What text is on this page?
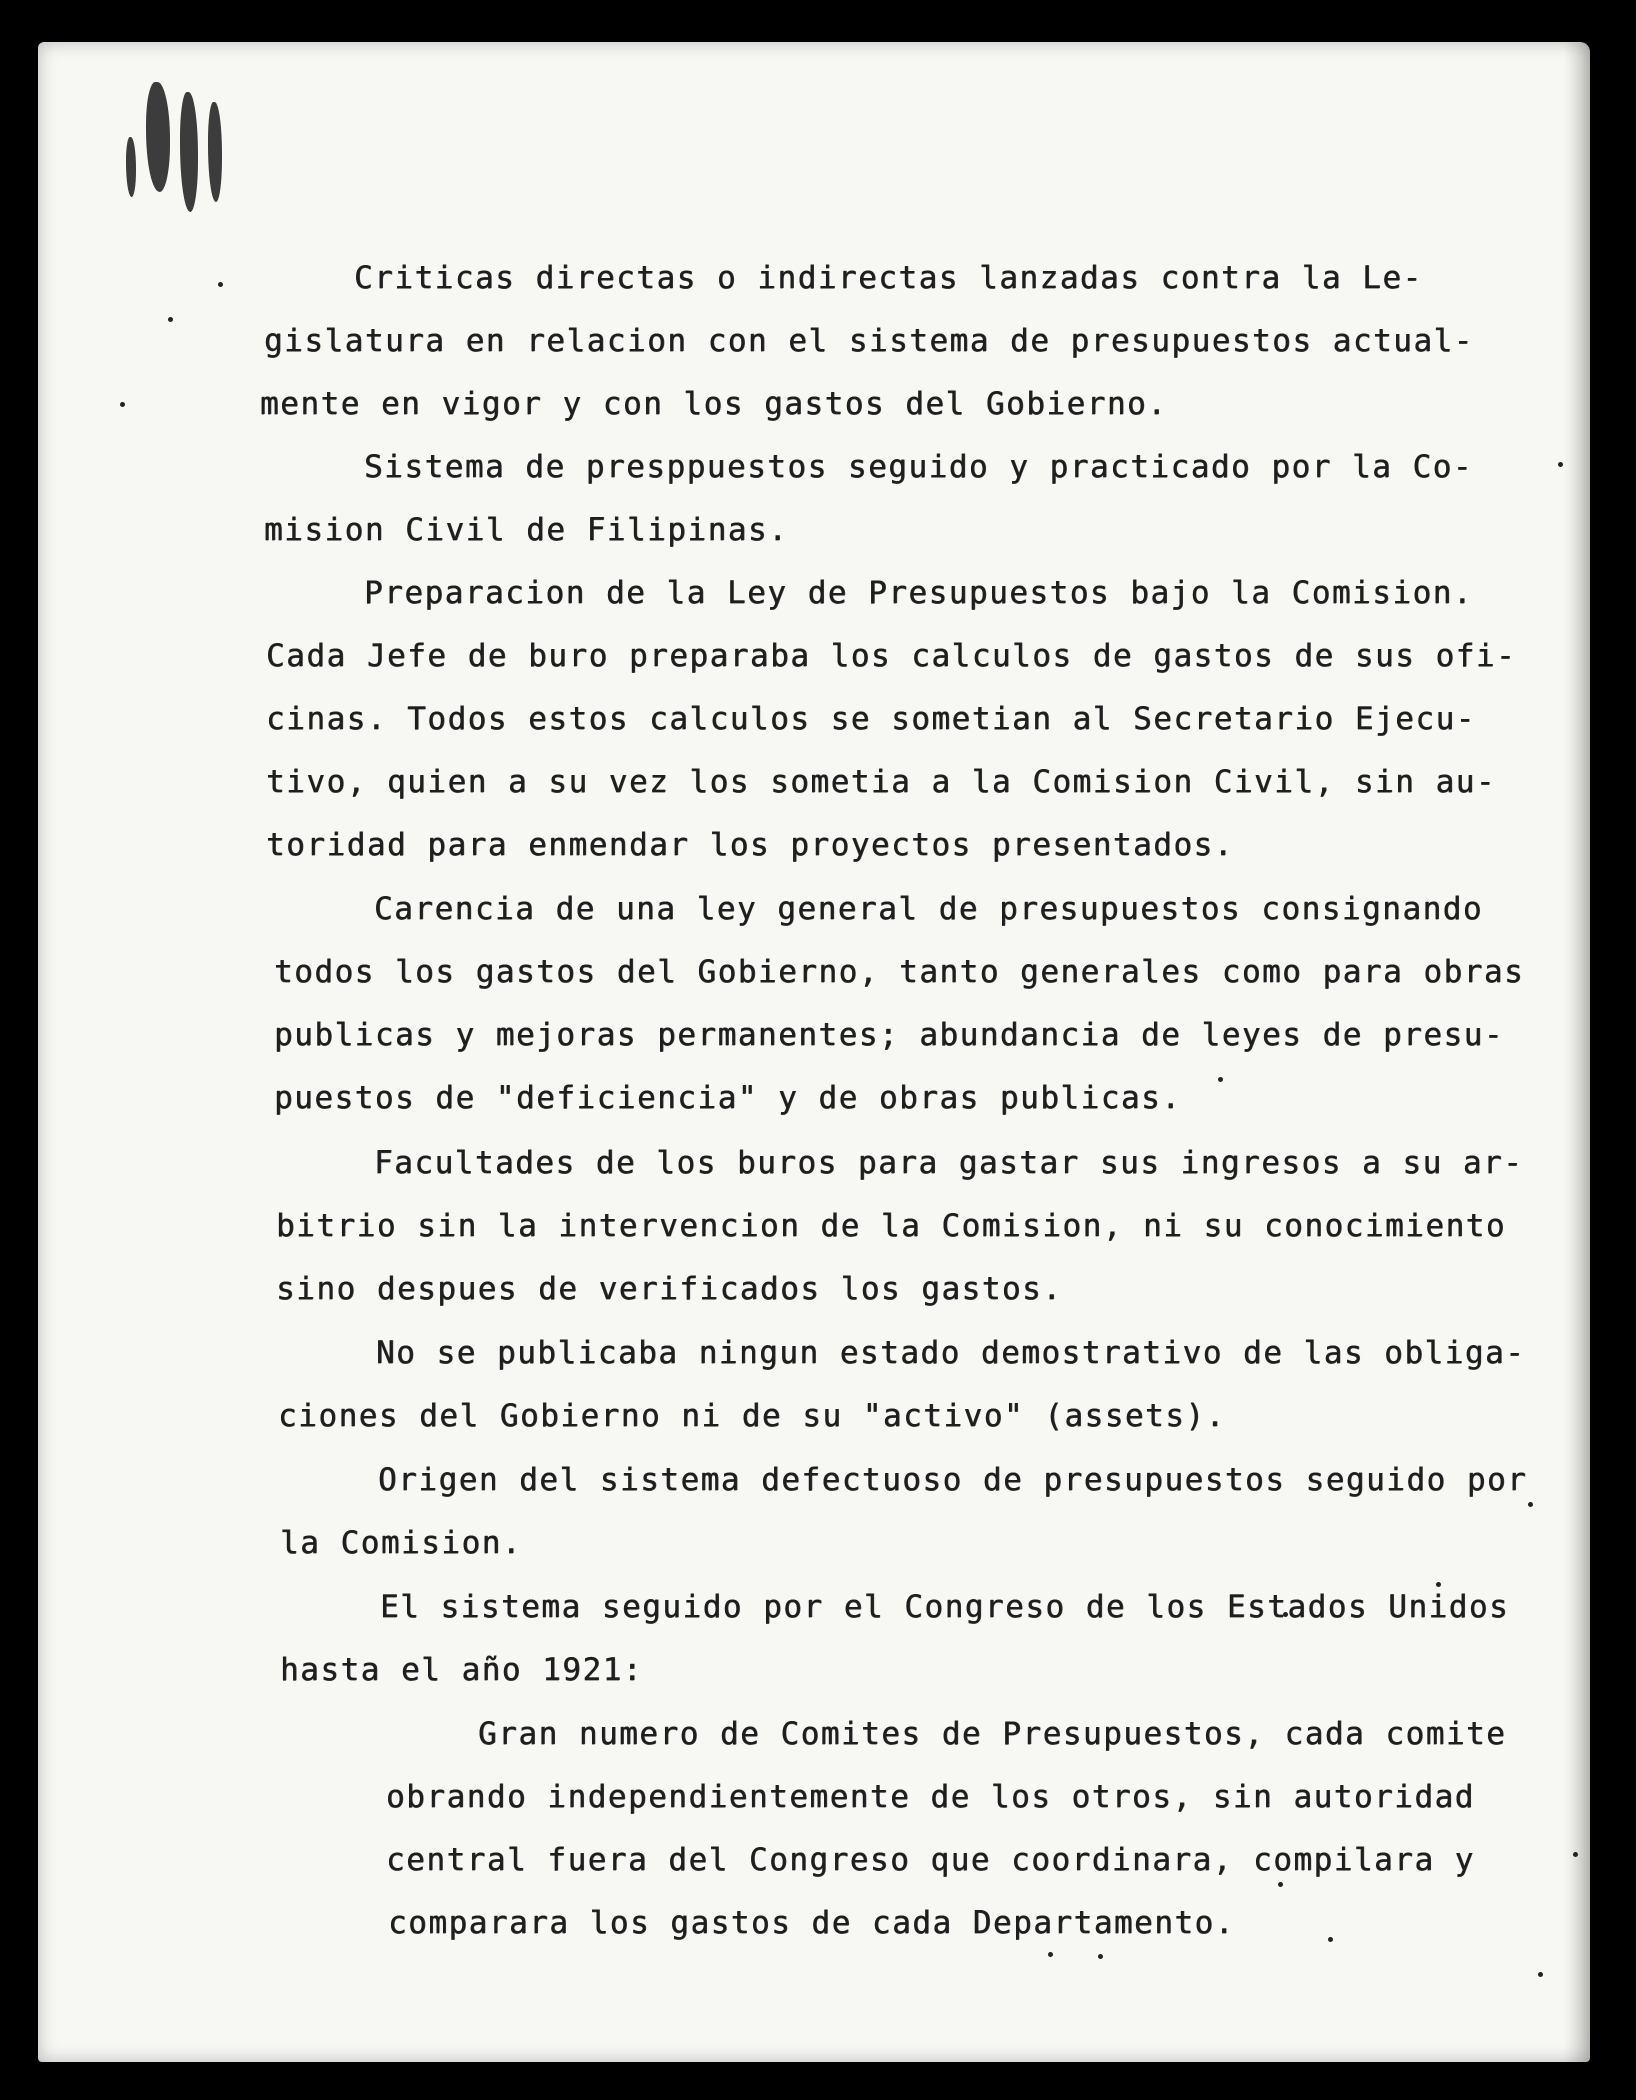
Criticas directas o indirectas lanzadas contra la Le-

gislatura en relacion con el sistema de presupuestos actual-

mente en vigor y con los gastos del Gobierno.

Sistema de presppuestos seguido y practicado por la Co-

mision Civil de Filipinas.

Preparacion de la Ley de Presupuestos bajo la Comision.

Cada Jefe de buro preparaba los calculos de gastos de sus ofi-

cinas. Todos estos calculos se sometian al Secretario Ejecu-

tivo, quien a su vez los sometia a la Comision Civil, sin au-

toridad para enmendar los proyectos presentados.

Carencia de una ley general de presupuestos consignando

todos los gastos del Gobierno, tanto generales como para obras

publicas y mejoras permanentes; abundancia de leyes de presu-

puestos de "deficiencia" y de obras publicas.

Facultades de los buros para gastar sus ingresos a su ar-

bitrio sin la intervencion de la Comision, ni su conocimiento

sino despues de verificados los gastos.

No se publicaba ningun estado demostrativo de las obliga-

ciones del Gobierno ni de su "activo" (assets).

Origen del sistema defectuoso de presupuestos seguido por

la Comision.

El sistema seguido por el Congreso de los Estados Unidos

hasta el año 1921:

Gran numero de Comites de Presupuestos, cada comite

obrando independientemente de los otros, sin autoridad

central fuera del Congreso que coordinara, compilara y

comparara los gastos de cada Departamento.
